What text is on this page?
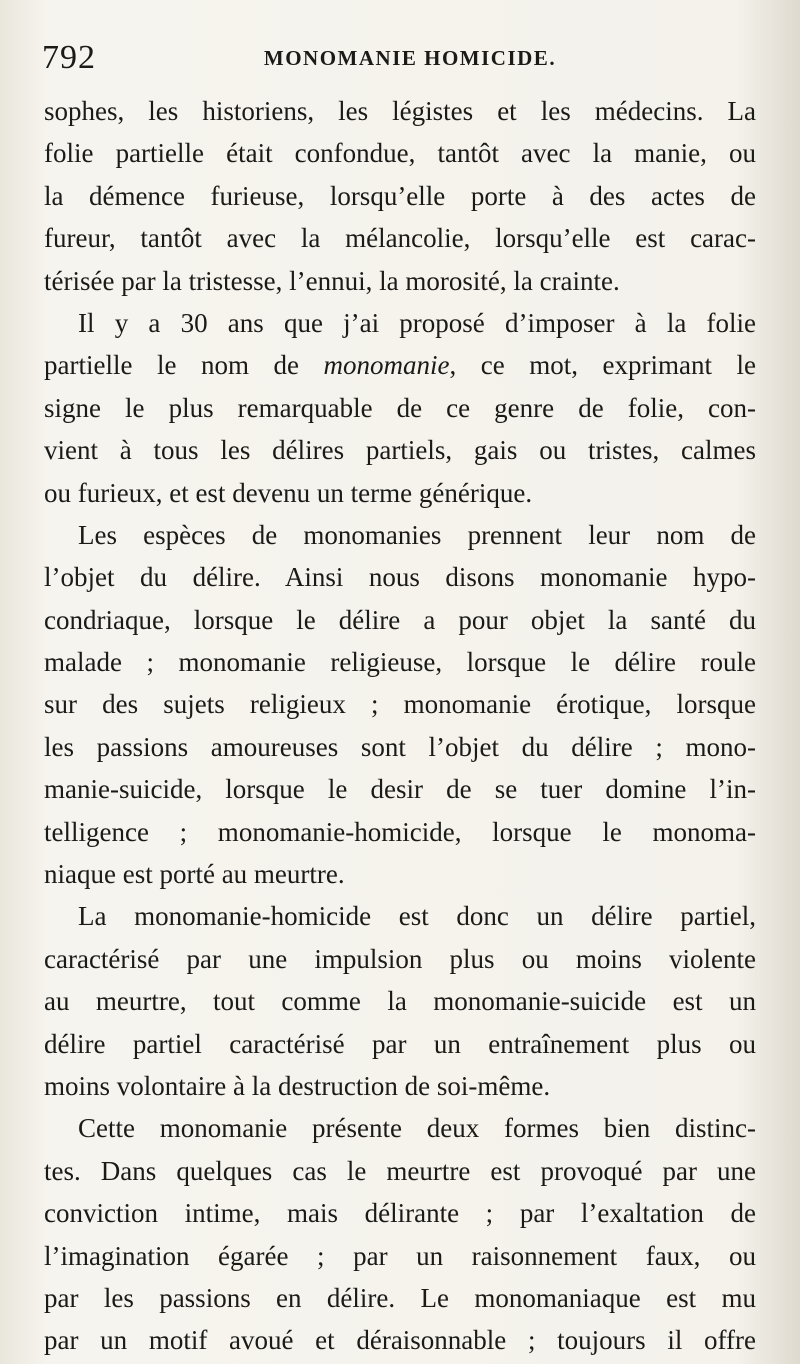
792	MONOMANIE HOMICIDE.
sophes, les historiens, les légistes et les médecins. La
folie partielle était confondue, tantôt avec la manie, ou
la démence furieuse, lorsqu’elle porte à des actes de
fureur, tantôt avec la mélancolie, lorsqu’elle est carac-
térisée par la tristesse, l’ennui, la morosité, la crainte.
Il y a 30 ans que j’ai proposé d’imposer à la folie
partielle le nom de monomanie, ce mot, exprimant le
signe le plus remarquable de ce genre de folie, con-
vient à tous les délires partiels, gais ou tristes, calmes
ou furieux, et est devenu un terme générique.
Les espèces de monomanies prennent leur nom de
l’objet du délire. Ainsi nous disons monomanie hypo-
condriaque, lorsque le délire a pour objet la santé du
malade ; monomanie religieuse, lorsque le délire roule
sur des sujets religieux ; monomanie érotique, lorsque
les passions amoureuses sont l’objet du délire ; mono-
manie-suicide, lorsque le desir de se tuer domine l’in-
telligence ; monomanie-homicide, lorsque le monoma-
niaque est porté au meurtre.
La monomanie-homicide est donc un délire partiel,
caractérisé par une impulsion plus ou moins violente
au meurtre, tout comme la monomanie-suicide est un
délire partiel caractérisé par un entraînement plus ou
moins volontaire à la destruction de soi-même.
Cette monomanie présente deux formes bien distinc-
tes. Dans quelques cas le meurtre est provoqué par une
conviction intime, mais délirante ; par l’exaltation de
l’imagination égarée ; par un raisonnement faux, ou
par les passions en délire. Le monomaniaque est mu
par un motif avoué et déraisonnable ; toujours il offre
